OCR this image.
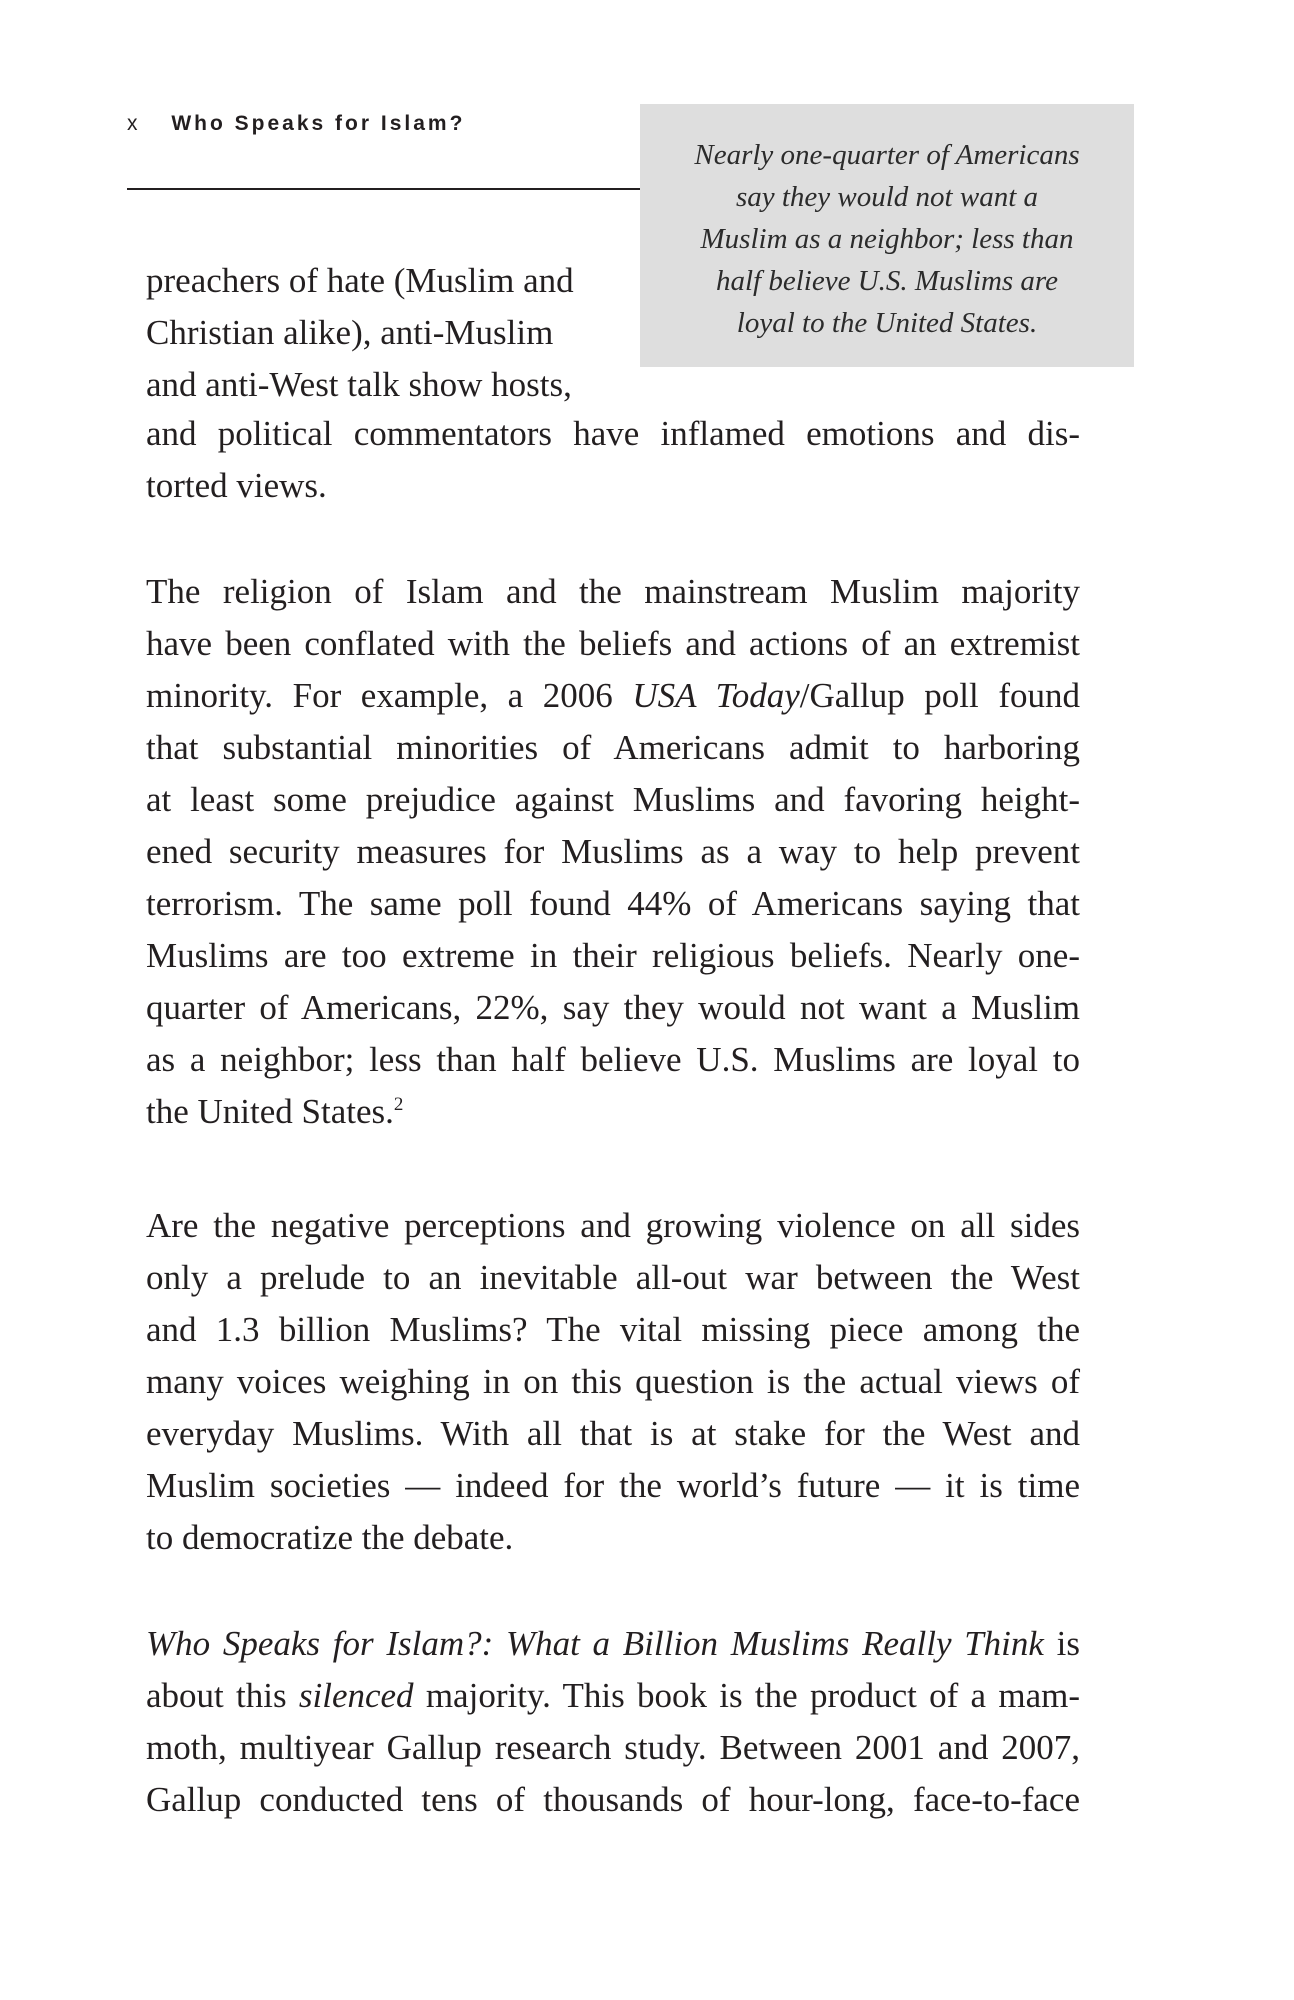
x Who Speaks for Islam?
Nearly one-quarter of Americans
say they would not want a
Muslim as a neighbor; less than
half believe U.S. Muslims are
loyal to the United States.
preachers of hate (Muslim and
Christian alike), anti-Muslim
and anti-West talk show hosts,
and political commentators have inflamed emotions and dis-
torted views.
The religion of Islam and the mainstream Muslim majority
have been conflated with the beliefs and actions of an extremist
minority. For example, a 2006 USA Today/Gallup poll found
that substantial minorities of Americans admit to harboring
at least some prejudice against Muslims and favoring height-
ened security measures for Muslims as a way to help prevent
terrorism. The same poll found 44% of Americans saying that
Muslims are too extreme in their religious beliefs. Nearly one-
quarter of Americans, 22%, say they would not want a Muslim
as a neighbor; less than half believe U.S. Muslims are loyal to
the United States.$^2$
Are the negative perceptions and growing violence on all sides
only a prelude to an inevitable all-out war between the West
and 1.3 billion Muslims? The vital missing piece among the
many voices weighing in on this question is the actual views of
everyday Muslims. With all that is at stake for the West and
Muslim societies — indeed for the world’s future — it is time
to democratize the debate.
Who Speaks for Islam?: What a Billion Muslims Really Think is
about this silenced majority. This book is the product of a mam-
moth, multiyear Gallup research study. Between 2001 and 2007,
Gallup conducted tens of thousands of hour-long, face-to-face
